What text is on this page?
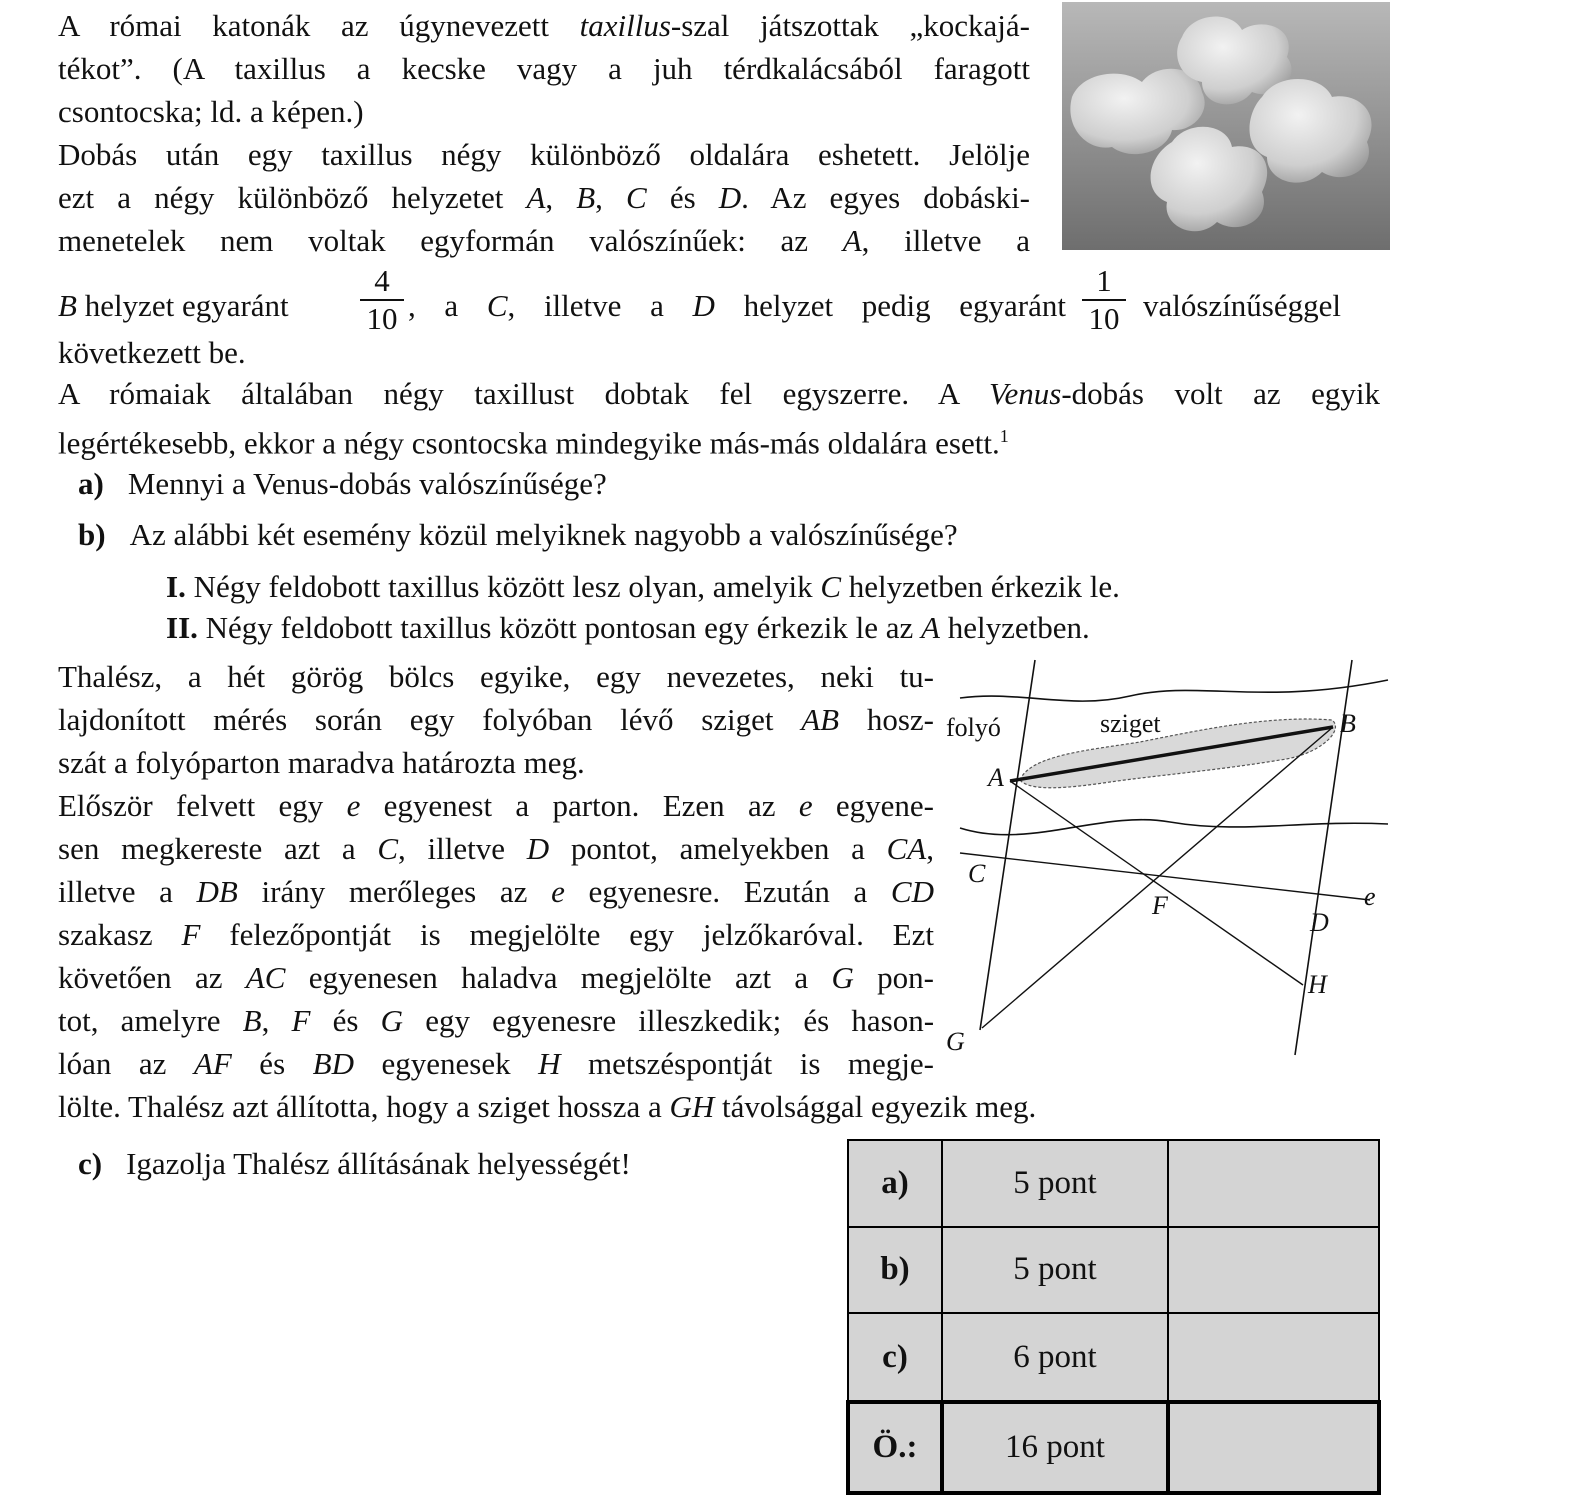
A római katonák az úgynevezett taxillus-szal játszottak „kockajá-
tékot”. (A taxillus a kecske vagy a juh térdkalácsából faragott
csontocska; ld. a képen.)
Dobás után egy taxillus négy különböző oldalára eshetett. Jelölje
ezt a négy különböző helyzetet A, B, C és D. Az egyes dobáski-
menetelek nem voltak egyformán valószínűek: az A, illetve a
B helyzet egyaránt $\frac{4}{10}$ , a C, illetve a D helyzet pedig egyaránt $\frac{1}{10}$ valószínűséggel
következett be.
A rómaiak általában négy taxillust dobtak fel egyszerre. A Venus-dobás volt az egyik
legértékesebb, ekkor a négy csontocska mindegyike más-más oldalára esett.$^1$
a) Mennyi a Venus-dobás valószínűsége?
b) Az alábbi két esemény közül melyiknek nagyobb a valószínűsége?
I. Négy feldobott taxillus között lesz olyan, amelyik C helyzetben érkezik le.
II. Négy feldobott taxillus között pontosan egy érkezik le az A helyzetben.
Thalész, a hét görög bölcs egyike, egy nevezetes, neki tu-
lajdonított mérés során egy folyóban lévő sziget AB hosz-
szát a folyóparton maradva határozta meg.
Először felvett egy e egyenest a parton. Ezen az e egyene-
sen megkereste azt a C, illetve D pontot, amelyekben a CA,
illetve a DB irány merőleges az e egyenesre. Ezután a CD
szakasz F felezőpontját is megjelölte egy jelzőkaróval. Ezt
követően az AC egyenesen haladva megjelölte azt a G pon-
tot, amelyre B, F és G egy egyenesre illeszkedik; és hason-
lóan az AF és BD egyenesek H metszéspontját is megje-
lölte. Thalész azt állította, hogy a sziget hossza a GH távolsággal egyezik meg.
c) Igazolja Thalész állításának helyességét!
folyó	sziget
A
B
C
F	e
D
H
G
a)	5 pont	
b)	5 pont	
c)	6 pont	
Ö.:	16 pont	
